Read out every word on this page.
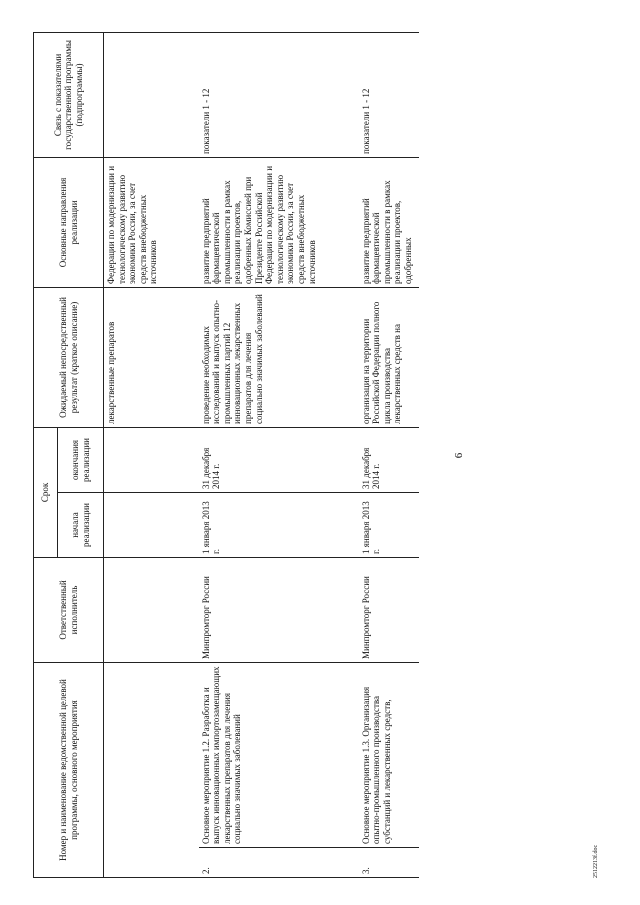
6
Номер и наименование ведомственной целевой программы, основного мероприятия		Ответственный исполнитель	Срок		Ожидаемый непосредственный результат (краткое описание)	Основные направления реализации	Связь с показателями государственной программы (подпрограммы)
			начала реализации	окончания реализации			
					лекарственные препаратов	Федерации по модернизации и технологическому развитию экономики России, за счет средств внебюджетных источников	
2.	Основное мероприятие 1.2. Разработка и выпуск инновационных импортозамещающих лекарственных препаратов для лечения социально значимых заболеваний	Минпромторг России	1 января 2013 г.	31 декабря 2014 г.	проведение необходимых исследований и выпуск опытно-промышленных партий 12 инновационных лекарственных препаратов для лечения социально значимых заболеваний	развитие предприятий фармацевтической промышленности в рамках реализации проектов, одобренных Комиссией при Президенте Российской Федерации по модернизации и технологическому развитию экономики России, за счет средств внебюджетных источников	показатели 1 - 12
3.	Основное мероприятие 1.3. Организация опытно-промышленного производства субстанций и лекарственных средств,	Минпромторг России	1 января 2013 г.	31 декабря 2014 г.	организация на территории Российской Федерации полного цикла производства лекарственных средств на	развитие предприятий фармацевтической промышленности в рамках реализации проектов, одобренных	показатели 1 - 12
2512213f.doc
